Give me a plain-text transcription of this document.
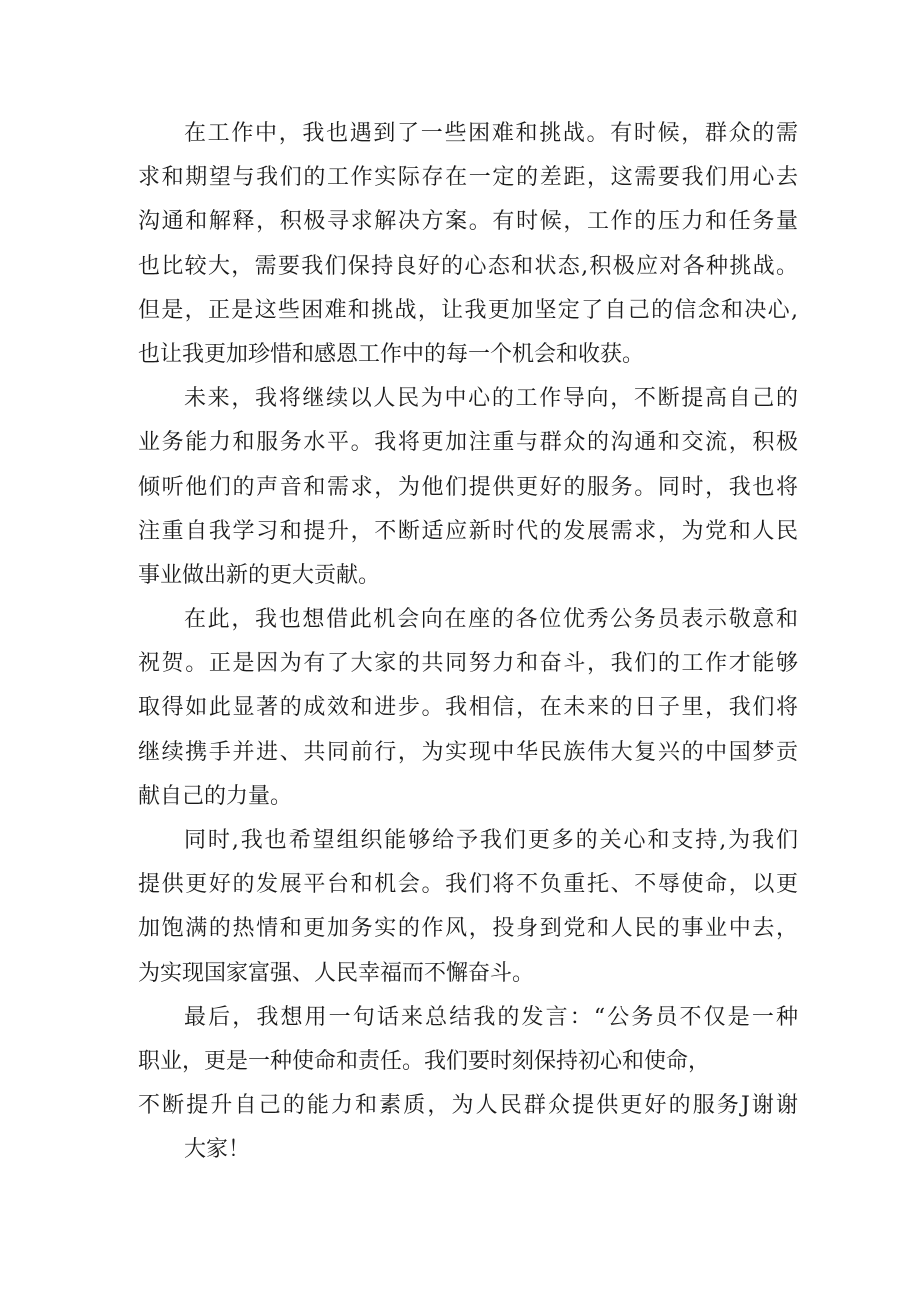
在工作中，我也遇到了一些困难和挑战。有时候，群众的需
求和期望与我们的工作实际存在一定的差距，这需要我们用心去
沟通和解释，积极寻求解决方案。有时候，工作的压力和任务量
也比较大，需要我们保持良好的心态和状态,积极应对各种挑战。
但是，正是这些困难和挑战，让我更加坚定了自己的信念和决心,
也让我更加珍惜和感恩工作中的每一个机会和收获。
未来，我将继续以人民为中心的工作导向，不断提高自己的
业务能力和服务水平。我将更加注重与群众的沟通和交流，积极
倾听他们的声音和需求，为他们提供更好的服务。同时，我也将
注重自我学习和提升，不断适应新时代的发展需求，为党和人民
事业做出新的更大贡献。
在此，我也想借此机会向在座的各位优秀公务员表示敬意和
祝贺。正是因为有了大家的共同努力和奋斗，我们的工作才能够
取得如此显著的成效和进步。我相信，在未来的日子里，我们将
继续携手并进、共同前行，为实现中华民族伟大复兴的中国梦贡
献自己的力量。
同时,我也希望组织能够给予我们更多的关心和支持,为我们
提供更好的发展平台和机会。我们将不负重托、不辱使命，以更
加饱满的热情和更加务实的作风，投身到党和人民的事业中去，
为实现国家富强、人民幸福而不懈奋斗。
最后，我想用一句话来总结我的发言：“公务员不仅是一种
职业，更是一种使命和责任。我们要时刻保持初心和使命，
不断提升自己的能力和素质，为人民群众提供更好的服务J谢谢
大家！
